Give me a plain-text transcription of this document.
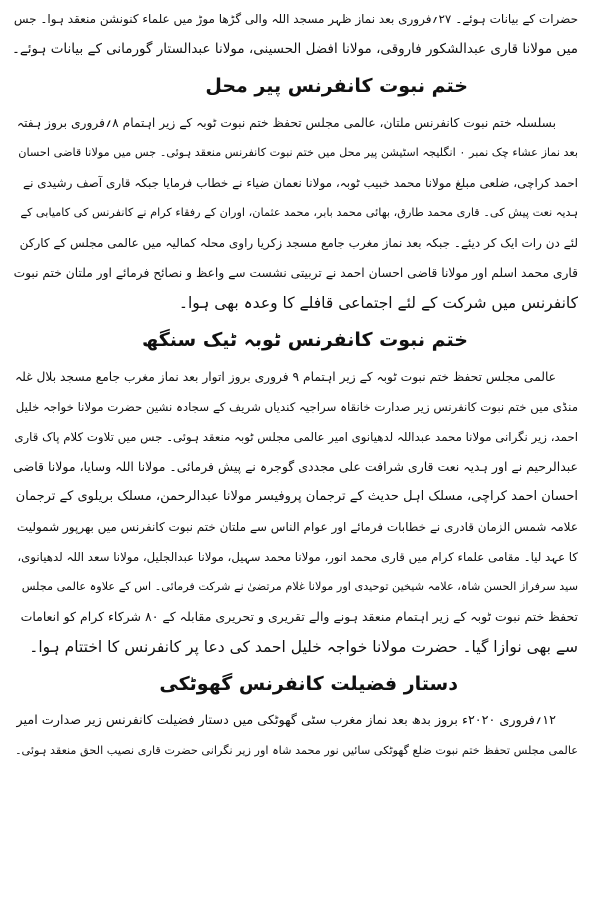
حضرات کے بیانات ہوئے۔ ۲۷؍فروری بعد نماز ظہر مسجد اللہ والی گڑھا موڑ میں علماء کنونشن منعقد ہوا۔ جس

میں مولانا قاری عبدالشکور فاروقی، مولانا افضل الحسینی، مولانا عبدالستار گورمانی کے بیانات ہوئے۔

ختم نبوت کانفرنس پیر محل

بسلسلہ ختم نبوت کانفرنس ملتان، عالمی مجلس تحفظ ختم نبوت ٹوبہ کے زیر اہتمام ۸؍فروری بروز ہفتہ

بعد نماز عشاء چک نمبر ۰ انگلیجہ اسٹیشن پیر محل میں ختم نبوت کانفرنس منعقد ہوئی۔ جس میں مولانا قاضی احسان

احمد کراچی، ضلعی مبلغ مولانا محمد خبیب ٹوبہ، مولانا نعمان ضیاء نے خطاب فرمایا جبکہ قاری آصف رشیدی نے

ہدیہ نعت پیش کی۔ قاری محمد طارق، بھائی محمد بابر، محمد عثمان، اوران کے رفقاء کرام نے کانفرنس کی کامیابی کے

لئے دن رات ایک کر دیئے۔ جبکہ بعد نماز مغرب جامع مسجد زکریا راوی محلہ کمالیہ میں عالمی مجلس کے کارکن

قاری محمد اسلم اور مولانا قاضی احسان احمد نے تربیتی نشست سے واعظ و نصائح فرمائے اور ملتان ختم نبوت

کانفرنس میں شرکت کے لئے اجتماعی قافلے کا وعدہ بھی ہوا۔

ختم نبوت کانفرنس ٹوبہ ٹیک سنگھ

عالمی مجلس تحفظ ختم نبوت ٹوبہ کے زیر اہتمام ۹ فروری بروز اتوار بعد نماز مغرب جامع مسجد بلال غلہ

منڈی میں ختم نبوت کانفرنس زیر صدارت خانقاہ سراجیہ کندیاں شریف کے سجادہ نشین حضرت مولانا خواجہ خلیل

احمد، زیر نگرانی مولانا محمد عبداللہ لدھیانوی امیر عالمی مجلس ٹوبہ منعقد ہوئی۔ جس میں تلاوت کلام پاک قاری

عبدالرحیم نے اور ہدیہ نعت قاری شرافت علی مجددی گوجرہ نے پیش فرمائی۔ مولانا اللہ وسایا، مولانا قاضی

احسان احمد کراچی، مسلک اہل حدیث کے ترجمان پروفیسر مولانا عبدالرحمن، مسلک بریلوی کے ترجمان

علامہ شمس الزمان قادری نے خطابات فرمائے اور عوام الناس سے ملتان ختم نبوت کانفرنس میں بھرپور شمولیت

کا عہد لیا۔ مقامی علماء کرام میں قاری محمد انور، مولانا محمد سہیل، مولانا عبدالجلیل، مولانا سعد اللہ لدھیانوی،

سید سرفراز الحسن شاہ، علامہ شیخین توحیدی اور مولانا غلام مرتضیٰ نے شرکت فرمائی۔ اس کے علاوہ عالمی مجلس

تحفظ ختم نبوت ٹوبہ کے زیر اہتمام منعقد ہونے والے تقریری و تحریری مقابلہ کے ۸۰ شرکاء کرام کو انعامات

سے بھی نوازا گیا۔ حضرت مولانا خواجہ خلیل احمد کی دعا پر کانفرنس کا اختتام ہوا۔

دستار فضیلت کانفرنس گھوٹکی

۱۲؍فروری ۲۰۲۰ء بروز بدھ بعد نماز مغرب سٹی گھوٹکی میں دستار فضیلت کانفرنس زیر صدارت امیر

عالمی مجلس تحفظ ختم نبوت ضلع گھوٹکی سائیں نور محمد شاہ اور زیر نگرانی حضرت قاری نصیب الحق منعقد ہوئی۔
